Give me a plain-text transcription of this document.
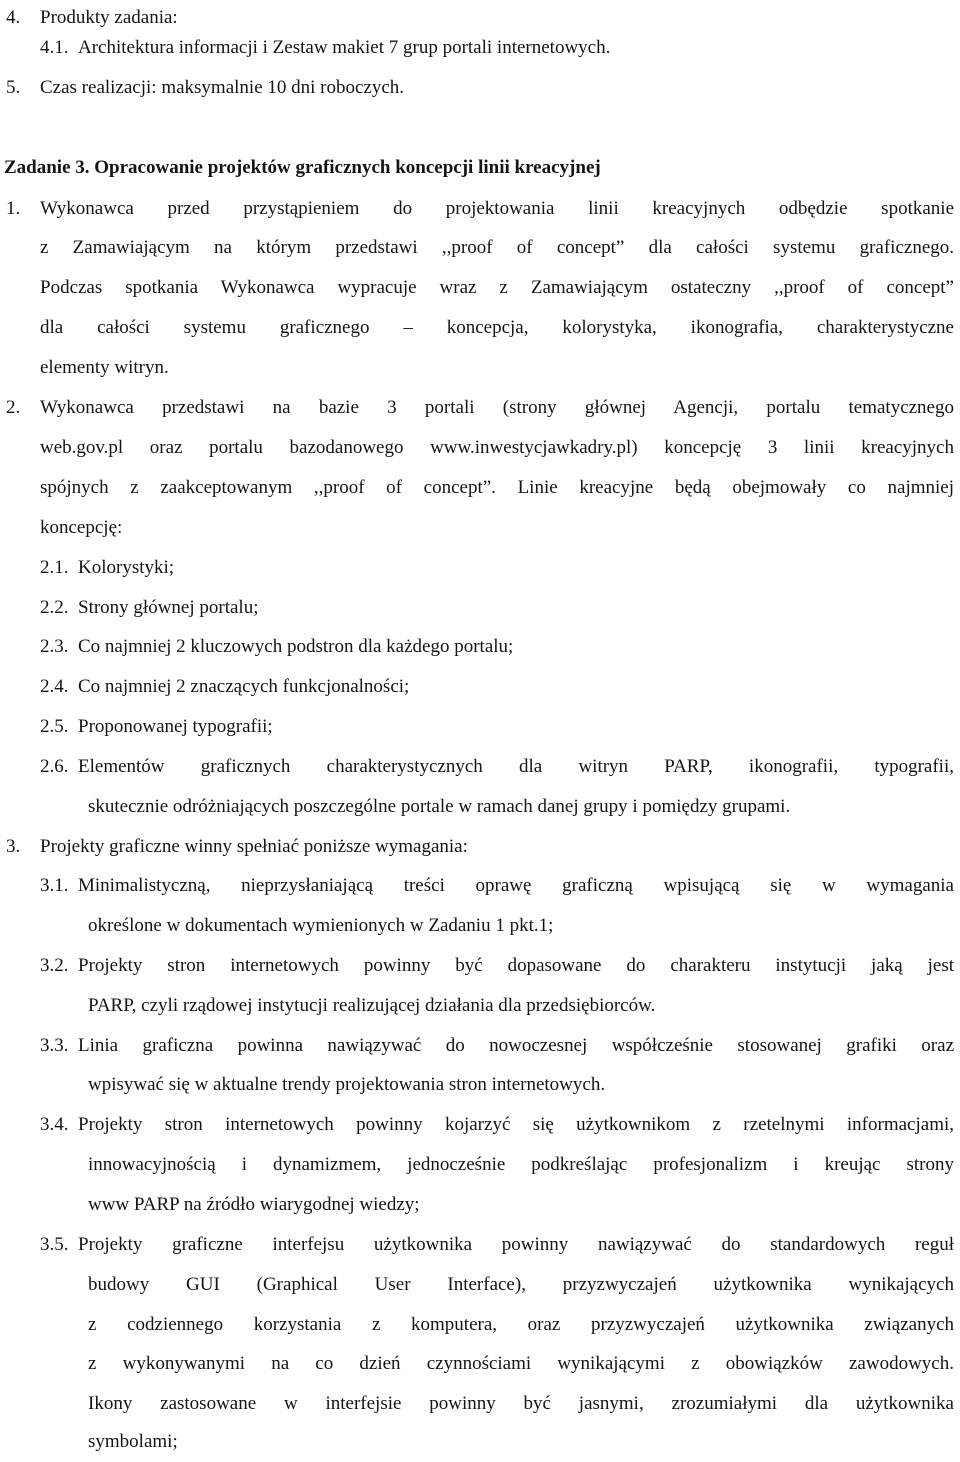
4. Produkty zadania:
4.1. Architektura informacji i Zestaw makiet 7 grup portali internetowych.
5. Czas realizacji: maksymalnie 10 dni roboczych.
Zadanie 3. Opracowanie projektów graficznych koncepcji linii kreacyjnej
1. Wykonawca przed przystąpieniem do projektowania linii kreacyjnych odbędzie spotkanie
z Zamawiającym na którym przedstawi ,,proof of concept” dla całości systemu graficznego.
Podczas spotkania Wykonawca wypracuje wraz z Zamawiającym ostateczny ,,proof of concept”
dla całości systemu graficznego – koncepcja, kolorystyka, ikonografia, charakterystyczne
elementy witryn.
2. Wykonawca przedstawi na bazie 3 portali (strony głównej Agencji, portalu tematycznego
web.gov.pl oraz portalu bazodanowego www.inwestycjawkadry.pl) koncepcję 3 linii kreacyjnych
spójnych z zaakceptowanym ,,proof of concept”. Linie kreacyjne będą obejmowały co najmniej
koncepcję:
2.1. Kolorystyki;
2.2. Strony głównej portalu;
2.3. Co najmniej 2 kluczowych podstron dla każdego portalu;
2.4. Co najmniej 2 znaczących funkcjonalności;
2.5. Proponowanej typografii;
2.6. Elementów graficznych charakterystycznych dla witryn PARP, ikonografii, typografii,
skutecznie odróżniających poszczególne portale w ramach danej grupy i pomiędzy grupami.
3. Projekty graficzne winny spełniać poniższe wymagania:
3.1. Minimalistyczną, nieprzysłaniającą treści oprawę graficzną wpisującą się w wymagania
określone w dokumentach wymienionych w Zadaniu 1 pkt.1;
3.2. Projekty stron internetowych powinny być dopasowane do charakteru instytucji jaką jest
PARP, czyli rządowej instytucji realizującej działania dla przedsiębiorców.
3.3. Linia graficzna powinna nawiązywać do nowoczesnej współcześnie stosowanej grafiki oraz
wpisywać się w aktualne trendy projektowania stron internetowych.
3.4. Projekty stron internetowych powinny kojarzyć się użytkownikom z rzetelnymi informacjami,
innowacyjnością i dynamizmem, jednocześnie podkreślając profesjonalizm i kreując strony
www PARP na źródło wiarygodnej wiedzy;
3.5. Projekty graficzne interfejsu użytkownika powinny nawiązywać do standardowych reguł
budowy GUI (Graphical User Interface), przyzwyczajeń użytkownika wynikających
z codziennego korzystania z komputera, oraz przyzwyczajeń użytkownika związanych
z wykonywanymi na co dzień czynnościami wynikającymi z obowiązków zawodowych.
Ikony zastosowane w interfejsie powinny być jasnymi, zrozumiałymi dla użytkownika
symbolami;
